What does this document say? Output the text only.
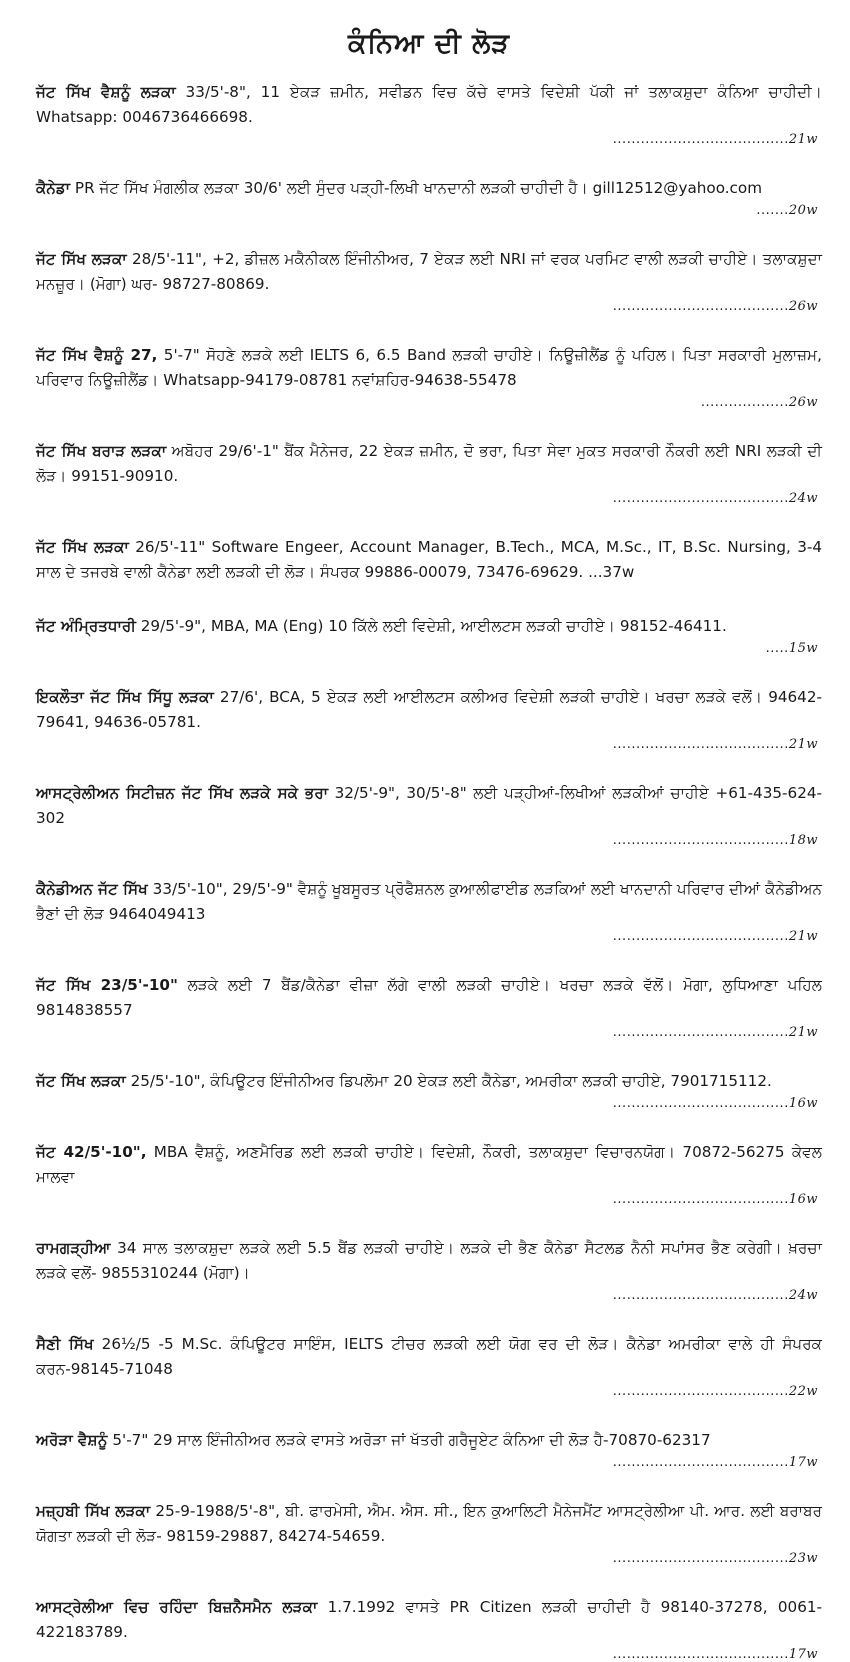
ਕੰਨਿਆ ਦੀ ਲੋੜ
ਜੱਟ ਸਿੱਖ ਵੈਸ਼ਨੂੰ ਲੜਕਾ 33/5'-8", 11 ਏਕੜ ਜ਼ਮੀਨ, ਸਵੀਡਨ ਵਿਚ ਕੱਚੇ ਵਾਸਤੇ ਵਿਦੇਸ਼ੀ ਪੱਕੀ ਜਾਂ ਤਲਾਕਸ਼ੁਦਾ ਕੰਨਿਆ ਚਾਹੀਦੀ। Whatsapp: 0046736466698.
......................................21w
ਕੈਨੇਡਾ PR ਜੱਟ ਸਿੱਖ ਮੰਗਲੀਕ ਲੜਕਾ 30/6' ਲਈ ਸੁੰਦਰ ਪੜ੍ਹੀ-ਲਿਖੀ ਖਾਨਦਾਨੀ ਲੜਕੀ ਚਾਹੀਦੀ ਹੈ। gill12512@yahoo.com
.......20w
ਜੱਟ ਸਿੱਖ ਲੜਕਾ 28/5'-11", +2, ਡੀਜ਼ਲ ਮਕੈਨੀਕਲ ਇੰਜੀਨੀਅਰ, 7 ਏਕੜ ਲਈ NRI ਜਾਂ ਵਰਕ ਪਰਮਿਟ ਵਾਲੀ ਲੜਕੀ ਚਾਹੀਏ। ਤਲਾਕਸ਼ੁਦਾ ਮਨਜ਼ੂਰ। (ਮੋਗਾ) ਘਰ- 98727-80869.
......................................26w
ਜੱਟ ਸਿੱਖ ਵੈਸ਼ਨੂੰ 27, 5'-7" ਸੋਹਣੇ ਲੜਕੇ ਲਈ IELTS 6, 6.5 Band ਲੜਕੀ ਚਾਹੀਏ। ਨਿਊਜ਼ੀਲੈਂਡ ਨੂੰ ਪਹਿਲ। ਪਿਤਾ ਸਰਕਾਰੀ ਮੁਲਾਜ਼ਮ, ਪਰਿਵਾਰ ਨਿਊਜ਼ੀਲੈਂਡ। Whatsapp-94179-08781 ਨਵਾਂਸ਼ਹਿਰ-94638-55478
...................26w
ਜੱਟ ਸਿੱਖ ਬਰਾੜ ਲੜਕਾ ਅਬੋਹਰ 29/6'-1" ਬੈਂਕ ਮੈਨੇਜਰ, 22 ਏਕੜ ਜ਼ਮੀਨ, ਦੋ ਭਰਾ, ਪਿਤਾ ਸੇਵਾ ਮੁਕਤ ਸਰਕਾਰੀ ਨੌਕਰੀ ਲਈ NRI ਲੜਕੀ ਦੀ ਲੋੜ। 99151-90910.
......................................24w
ਜੱਟ ਸਿੱਖ ਲੜਕਾ 26/5'-11" Software Engeer, Account Manager, B.Tech., MCA, M.Sc., IT, B.Sc. Nursing, 3-4 ਸਾਲ ਦੇ ਤਜਰਬੇ ਵਾਲੀ ਕੈਨੇਡਾ ਲਈ ਲੜਕੀ ਦੀ ਲੋੜ। ਸੰਪਰਕ 99886-00079, 73476-69629. ...37w
ਜੱਟ ਅੰਮ੍ਰਿਤਧਾਰੀ 29/5'-9", MBA, MA (Eng) 10 ਕਿੱਲੇ ਲਈ ਵਿਦੇਸ਼ੀ, ਆਈਲਟਸ ਲੜਕੀ ਚਾਹੀਏ। 98152-46411.
.....15w
ਇਕਲੌਤਾ ਜੱਟ ਸਿੱਖ ਸਿੱਧੂ ਲੜਕਾ 27/6', BCA, 5 ਏਕੜ ਲਈ ਆਈਲਟਸ ਕਲੀਅਰ ਵਿਦੇਸ਼ੀ ਲੜਕੀ ਚਾਹੀਏ। ਖਰਚਾ ਲੜਕੇ ਵਲੋਂ। 94642-79641, 94636-05781.
......................................21w
ਆਸਟ੍ਰੇਲੀਅਨ ਸਿਟੀਜ਼ਨ ਜੱਟ ਸਿੱਖ ਲੜਕੇ ਸਕੇ ਭਰਾ 32/5'-9", 30/5'-8" ਲਈ ਪੜ੍ਹੀਆਂ-ਲਿਖੀਆਂ ਲੜਕੀਆਂ ਚਾਹੀਏ +61-435-624-302
......................................18w
ਕੈਨੇਡੀਅਨ ਜੱਟ ਸਿੱਖ 33/5'-10", 29/5'-9" ਵੈਸ਼ਨੂੰ ਖੂਬਸੂਰਤ ਪ੍ਰੋਫੈਸ਼ਨਲ ਕੁਆਲੀਫਾਈਡ ਲੜਕਿਆਂ ਲਈ ਖਾਨਦਾਨੀ ਪਰਿਵਾਰ ਦੀਆਂ ਕੈਨੇਡੀਅਨ ਭੈਣਾਂ ਦੀ ਲੋੜ 9464049413
......................................21w
ਜੱਟ ਸਿੱਖ 23/5'-10" ਲੜਕੇ ਲਈ 7 ਬੈਂਡ/ਕੈਨੇਡਾ ਵੀਜ਼ਾ ਲੱਗੇ ਵਾਲੀ ਲੜਕੀ ਚਾਹੀਏ। ਖਰਚਾ ਲੜਕੇ ਵੱਲੋਂ। ਮੋਗਾ, ਲੁਧਿਆਣਾ ਪਹਿਲ 9814838557
......................................21w
ਜੱਟ ਸਿੱਖ ਲੜਕਾ 25/5'-10", ਕੰਪਿਊਟਰ ਇੰਜੀਨੀਅਰ ਡਿਪਲੋਮਾ 20 ਏਕੜ ਲਈ ਕੈਨੇਡਾ, ਅਮਰੀਕਾ ਲੜਕੀ ਚਾਹੀਏ, 7901715112.
......................................16w
ਜੱਟ 42/5'-10", MBA ਵੈਸ਼ਨੂੰ, ਅਣਮੈਰਿਡ ਲਈ ਲੜਕੀ ਚਾਹੀਏ। ਵਿਦੇਸ਼ੀ, ਨੌਕਰੀ, ਤਲਾਕਸ਼ੁਦਾ ਵਿਚਾਰਨਯੋਗ। 70872-56275 ਕੇਵਲ ਮਾਲਵਾ
......................................16w
ਰਾਮਗੜ੍ਹੀਆ 34 ਸਾਲ ਤਲਾਕਸ਼ੁਦਾ ਲੜਕੇ ਲਈ 5.5 ਬੈਂਡ ਲੜਕੀ ਚਾਹੀਏ। ਲੜਕੇ ਦੀ ਭੈਣ ਕੈਨੇਡਾ ਸੈਟਲਡ ਨੈਨੀ ਸਪਾਂਸਰ ਭੈਣ ਕਰੇਗੀ। ਖ਼ਰਚਾ ਲੜਕੇ ਵਲੋਂ- 9855310244 (ਮੋਗਾ)।
......................................24w
ਸੈਣੀ ਸਿੱਖ 26½/5 -5 M.Sc. ਕੰਪਿਊਟਰ ਸਾਇੰਸ, IELTS ਟੀਚਰ ਲੜਕੀ ਲਈ ਯੋਗ ਵਰ ਦੀ ਲੋੜ। ਕੈਨੇਡਾ ਅਮਰੀਕਾ ਵਾਲੇ ਹੀ ਸੰਪਰਕ ਕਰਨ-98145-71048
......................................22w
ਅਰੋੜਾ ਵੈਸ਼ਨੂੰ 5'-7" 29 ਸਾਲ ਇੰਜੀਨੀਅਰ ਲੜਕੇ ਵਾਸਤੇ ਅਰੋੜਾ ਜਾਂ ਖੱਤਰੀ ਗਰੈਜੂਏਟ ਕੰਨਿਆ ਦੀ ਲੋੜ ਹੈ-70870-62317
......................................17w
ਮਜ਼੍ਹਬੀ ਸਿੱਖ ਲੜਕਾ 25-9-1988/5'-8", ਬੀ. ਫਾਰਮੇਸੀ, ਐਮ. ਐਸ. ਸੀ., ਇਨ ਕੁਆਲਿਟੀ ਮੈਨੇਜਮੈਂਟ ਆਸਟ੍ਰੇਲੀਆ ਪੀ. ਆਰ. ਲਈ ਬਰਾਬਰ ਯੋਗਤਾ ਲੜਕੀ ਦੀ ਲੋੜ- 98159-29887, 84274-54659.
......................................23w
ਆਸਟ੍ਰੇਲੀਆ ਵਿਚ ਰਹਿੰਦਾ ਬਿਜ਼ਨੈਸਮੈਨ ਲੜਕਾ 1.7.1992 ਵਾਸਤੇ PR Citizen ਲੜਕੀ ਚਾਹੀਦੀ ਹੈ 98140-37278, 0061-422183789.
......................................17w
